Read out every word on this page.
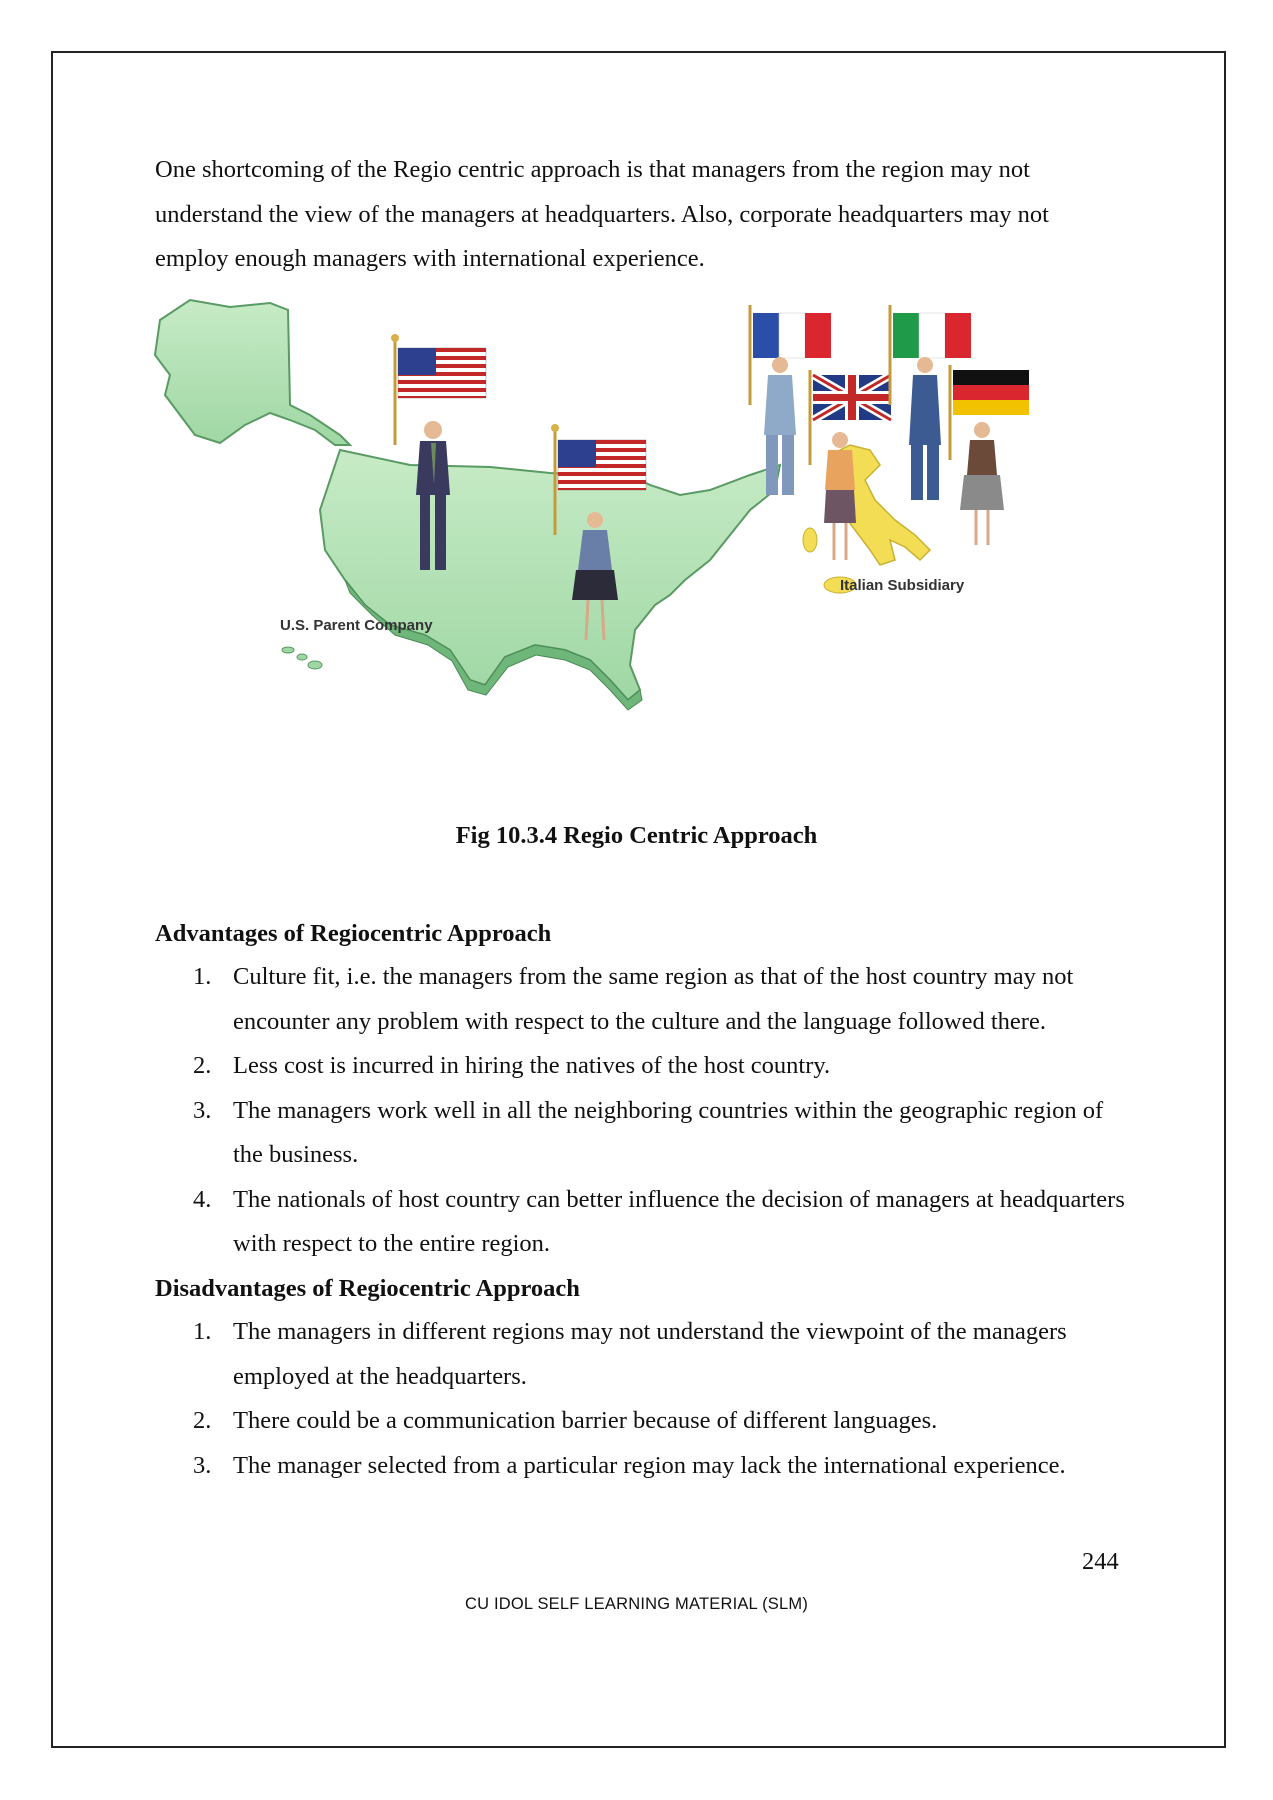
One shortcoming of the Regio centric approach is that managers from the region may not understand the view of the managers at headquarters. Also, corporate headquarters may not employ enough managers with international experience.

U.S. Parent Company
Italian Subsidiary
Fig 10.3.4 Regio Centric Approach
Advantages of Regiocentric Approach
1. Culture fit, i.e. the managers from the same region as that of the host country may not encounter any problem with respect to the culture and the language followed there.
2. Less cost is incurred in hiring the natives of the host country.
3. The managers work well in all the neighboring countries within the geographic region of the business.
4. The nationals of host country can better influence the decision of managers at headquarters with respect to the entire region.
Disadvantages of Regiocentric Approach
1. The managers in different regions may not understand the viewpoint of the managers employed at the headquarters.
2. There could be a communication barrier because of different languages.
3. The manager selected from a particular region may lack the international experience.
244
CU IDOL SELF LEARNING MATERIAL (SLM)
